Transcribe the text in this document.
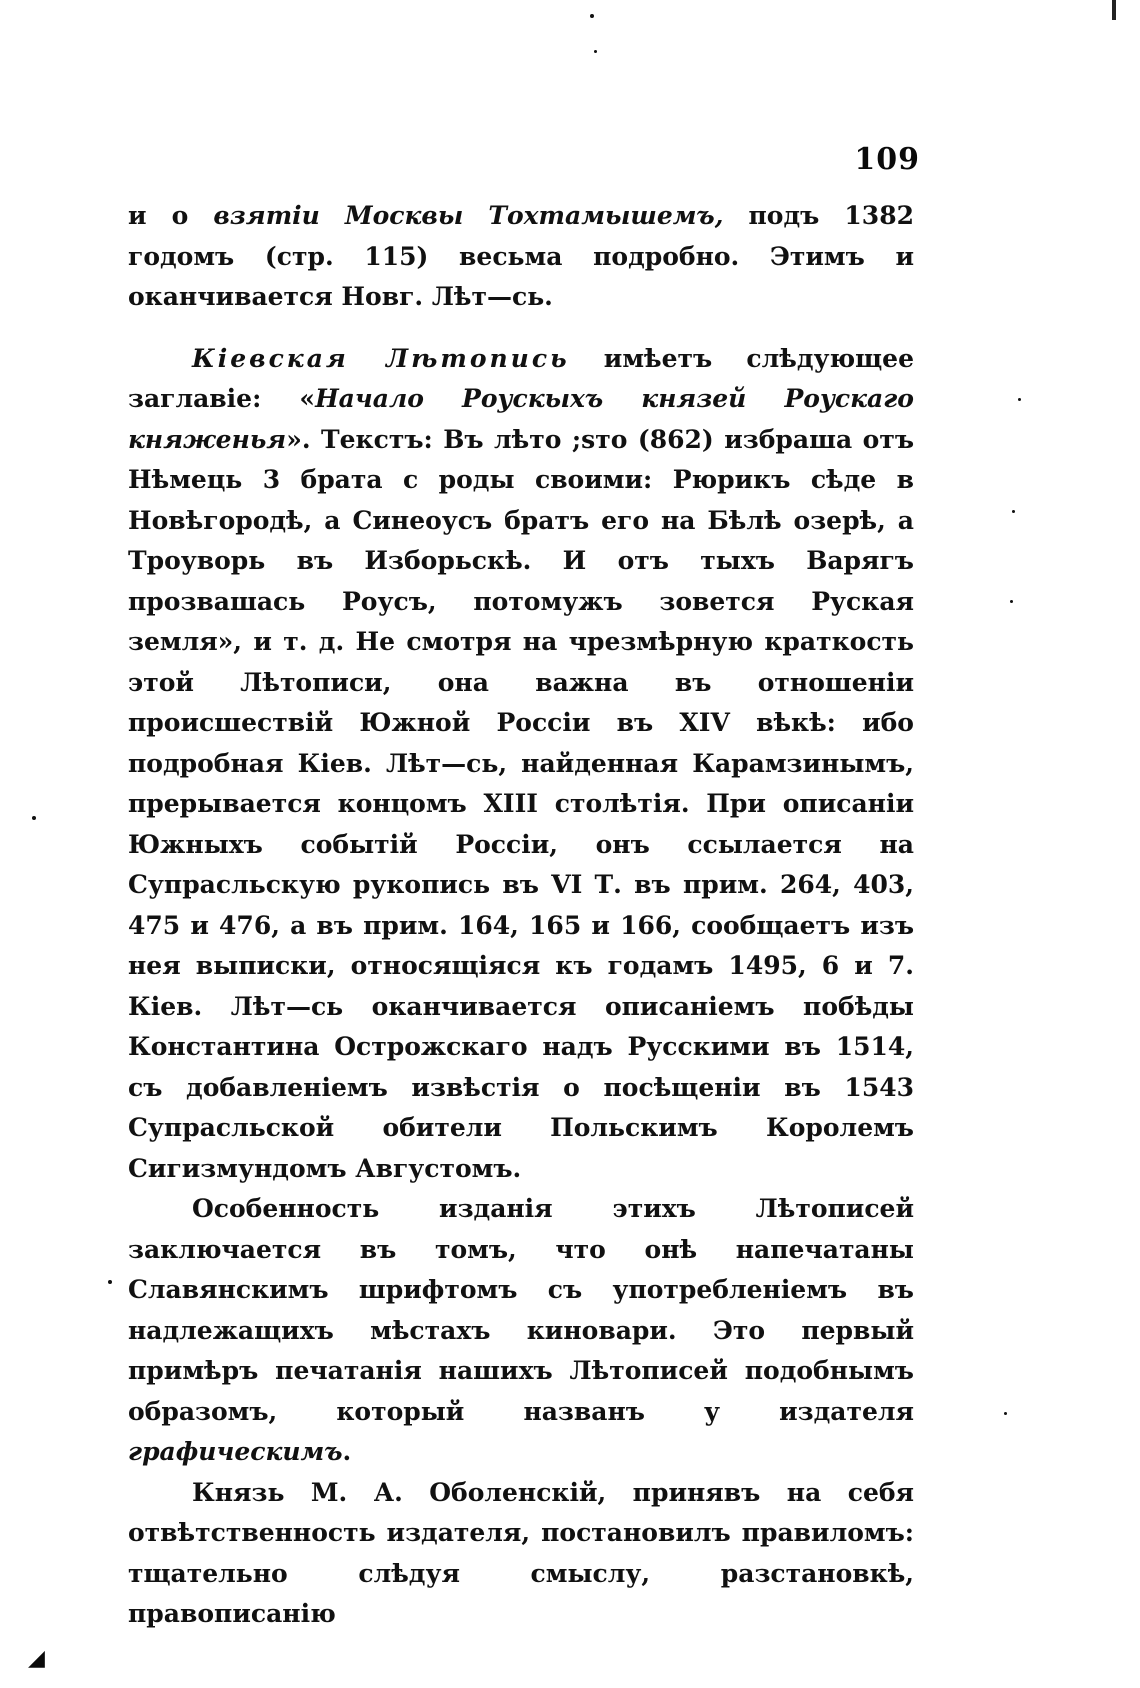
109

и о взятіи Москвы Тохтамышемъ, подъ 1382 годомъ (стр. 115) весьма подробно. Этимъ и оканчивается Новг. Лѣт—сь.

Кіевская Лѣтопись имѣетъ слѣдующее заглавіе: «Начало Роускыхъ князей Роускаго княженья». Текстъ: Въ лѣто ;ѕто (862) избраша отъ Нѣмець 3 брата с роды своими: Рюрикъ сѣде в Новѣгородѣ, а Синеоусъ братъ его на Бѣлѣ озерѣ, а Троуворь въ Изборьскѣ. И отъ тыхъ Варягъ прозвашась Роусъ, потомужъ зовется Руская земля», и т. д. Не смотря на чрезмѣрную краткость этой Лѣтописи, она важна въ отношеніи происшествій Южной Россіи въ XIV вѣкѣ: ибо подробная Кіев. Лѣт—сь, найденная Карамзинымъ, прерывается концомъ XIII столѣтія. При описаніи Южныхъ событій Россіи, онъ ссылается на Супрасльскую рукопись въ VI Т. въ прим. 264, 403, 475 и 476, а въ прим. 164, 165 и 166, сообщаетъ изъ нея выписки, относящіяся къ годамъ 1495, 6 и 7. Кіев. Лѣт—сь оканчивается описаніемъ побѣды Константина Острожскаго надъ Русскими въ 1514, съ добавленіемъ извѣстія о посѣщеніи въ 1543 Супрасльской обители Польскимъ Королемъ Сигизмундомъ Августомъ.

Особенность изданія этихъ Лѣтописей заключается въ томъ, что онѣ напечатаны Славянскимъ шрифтомъ съ употребленіемъ въ надлежащихъ мѣстахъ киновари. Это первый примѣръ печатанія нашихъ Лѣтописей подобнымъ образомъ, который названъ у издателя графическимъ.

Князь М. А. Оболенскій, принявъ на себя отвѣтственность издателя, постановилъ правиломъ: тщательно слѣдуя смыслу, разстановкѣ, правописанію

◢
